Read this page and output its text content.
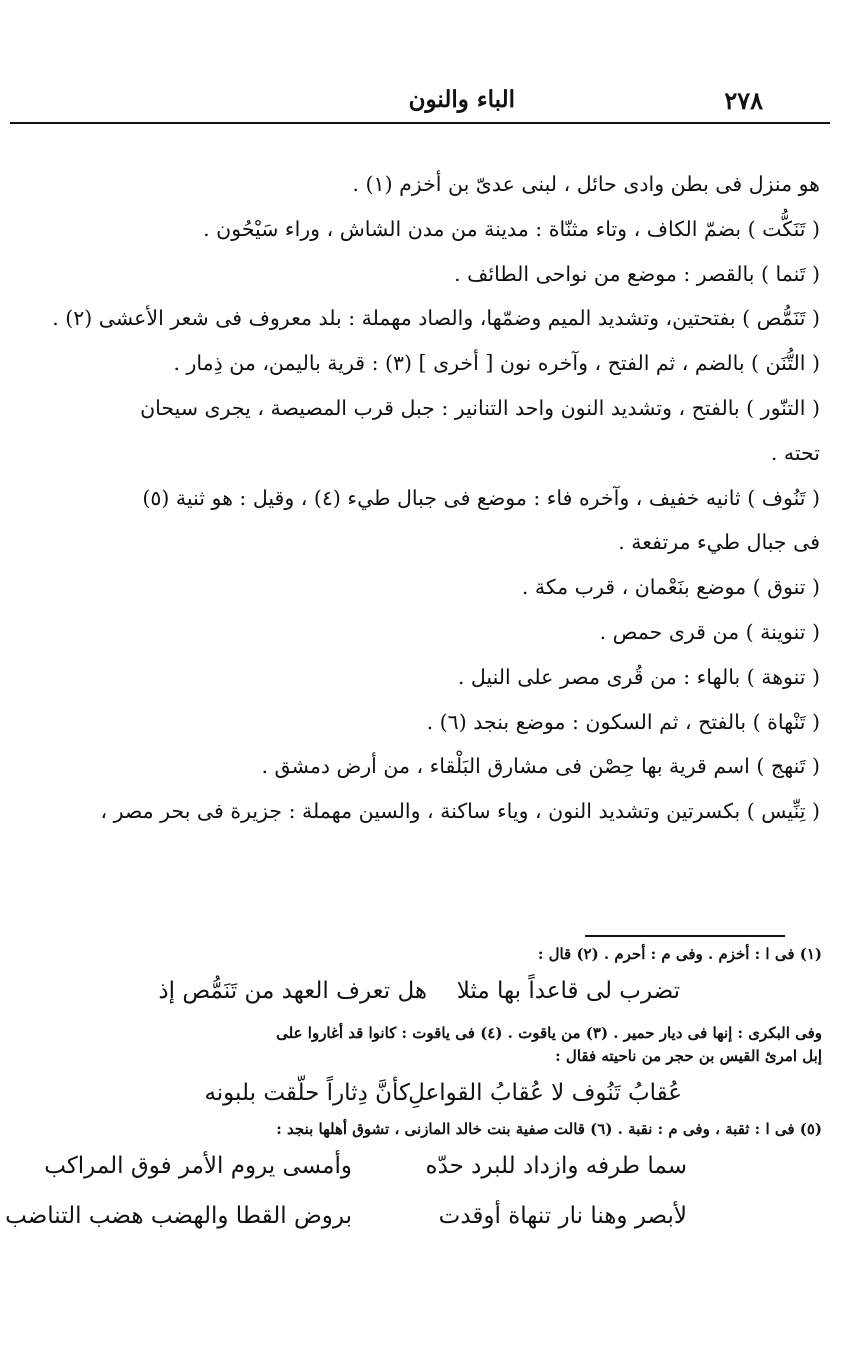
٢٧٨
الباء والنون
هو منزل فى بطن وادى حائل ، لبنى عدىّ بن أخزم (١) .
( تَنَكُّت ) بضمّ الكاف ، وتاء مثنّاة : مدينة من مدن الشاش ، وراء سَيْحُون .
( تَنما ) بالقصر : موضع من نواحى الطائف .
( تَنَمُّص ) بفتحتين، وتشديد الميم وضمّها، والصاد مهملة : بلد معروف فى شعر الأعشى (٢) .
( التُّنَن ) بالضم ، ثم الفتح ، وآخره نون [ أخرى ] (٣) : قرية باليمن، من ذِمار .
( التنّور ) بالفتح ، وتشديد النون واحد التنانير : جبل قرب المصيصة ، يجرى سيحان
تحته .
( تَنُوف ) ثانيه خفيف ، وآخره فاء : موضع فى جبال طيء (٤) ، وقيل : هو ثنية (٥)
فى جبال طيء مرتفعة .
( تنوق ) موضع بنَعْمان ، قرب مكة .
( تنوينة ) من قرى حمص .
( تنوهة ) بالهاء : من قُرى مصر على النيل .
( تَنْهاة ) بالفتح ، ثم السكون : موضع بنجد (٦) .
( تَنهج ) اسم قرية بها حِصْن فى مشارق البَلْقاء ، من أرض دمشق .
( تِنِّيس ) بكسرتين وتشديد النون ، وياء ساكنة ، والسين مهملة : جزيرة فى بحر مصر ،
(١) فى ا : أخزم . وفى م : أحرم . (٢) قال :
هل تعرف العهد من تَنَمُّص إذ تضرب لى قاعداً بها مثلا
وفى البكرى : إنها فى ديار حمير . (٣) من ياقوت . (٤) فى ياقوت : كانوا قد أغاروا على
إبل امرئ القيس بن حجر من ناحيته فقال :
كأنَّ دِثاراً حلّقت بلبونه
عُقابُ تَنُوف لا عُقابُ القواعلِ
(٥) فى ا : ثقبة ، وفى م : نقبة . (٦) قالت صفية بنت خالد المازنى ، تشوق أهلها بنجد :
سما طرفه وازداد للبرد حدّه
وأمسى يروم الأمر فوق المراكب
لأبصر وهنا نار تنهاة أوقدت
بروض القطا والهضب هضب التناضب
